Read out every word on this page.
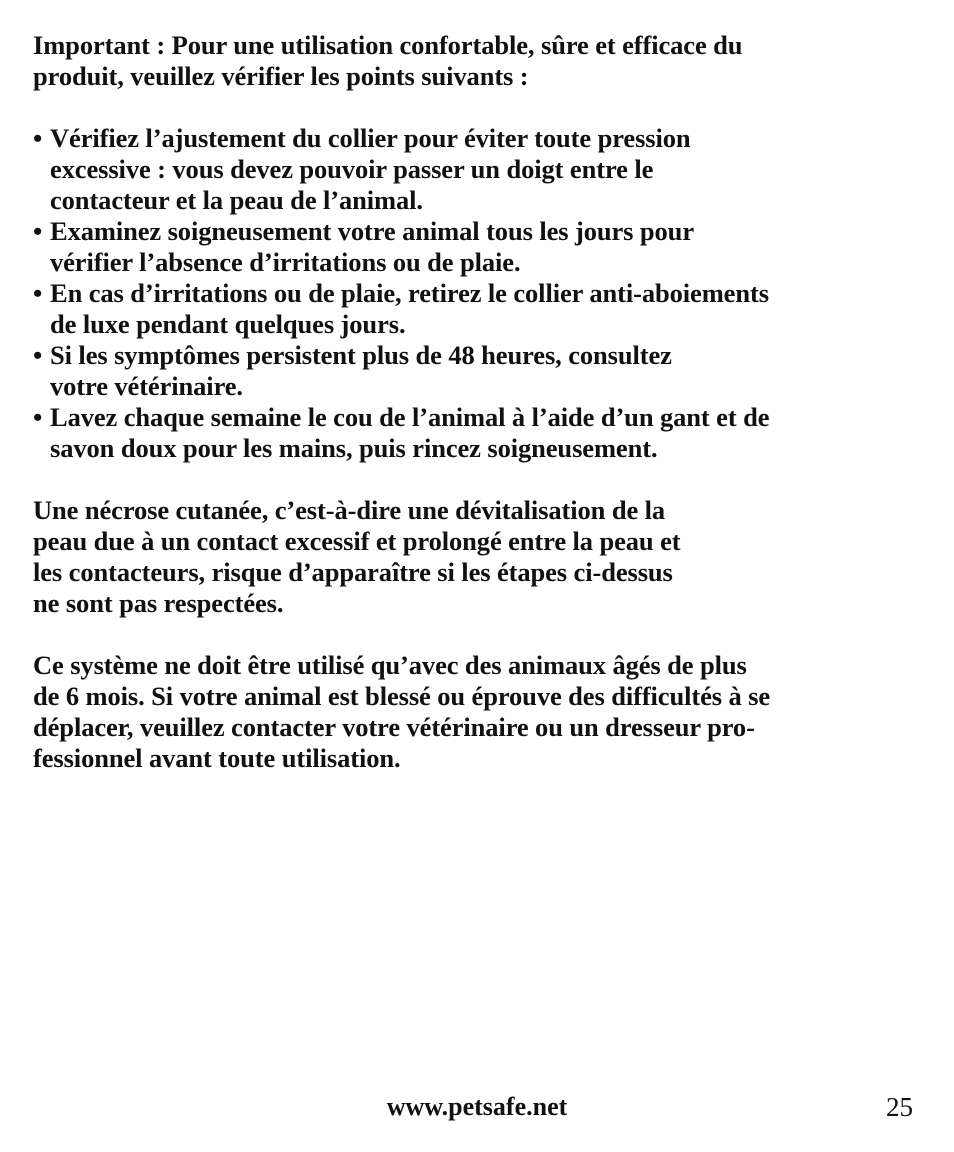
Important : Pour une utilisation confortable, sûre et efficace du
produit, veuillez vérifier les points suivants :

• Vérifiez l’ajustement du collier pour éviter toute pression
excessive : vous devez pouvoir passer un doigt entre le
contacteur et la peau de l’animal.
• Examinez soigneusement votre animal tous les jours pour
vérifier l’absence d’irritations ou de plaie.
• En cas d’irritations ou de plaie, retirez le collier anti-aboiements
de luxe pendant quelques jours.
• Si les symptômes persistent plus de 48 heures, consultez
votre vétérinaire.
• Lavez chaque semaine le cou de l’animal à l’aide d’un gant et de
savon doux pour les mains, puis rincez soigneusement.

Une nécrose cutanée, c’est-à-dire une dévitalisation de la
peau due à un contact excessif et prolongé entre la peau et
les contacteurs, risque d’apparaître si les étapes ci-dessus
ne sont pas respectées.

Ce système ne doit être utilisé qu’avec des animaux âgés de plus
de 6 mois. Si votre animal est blessé ou éprouve des difficultés à se
déplacer, veuillez contacter votre vétérinaire ou un dresseur pro-
fessionnel avant toute utilisation.

www.petsafe.net	25
